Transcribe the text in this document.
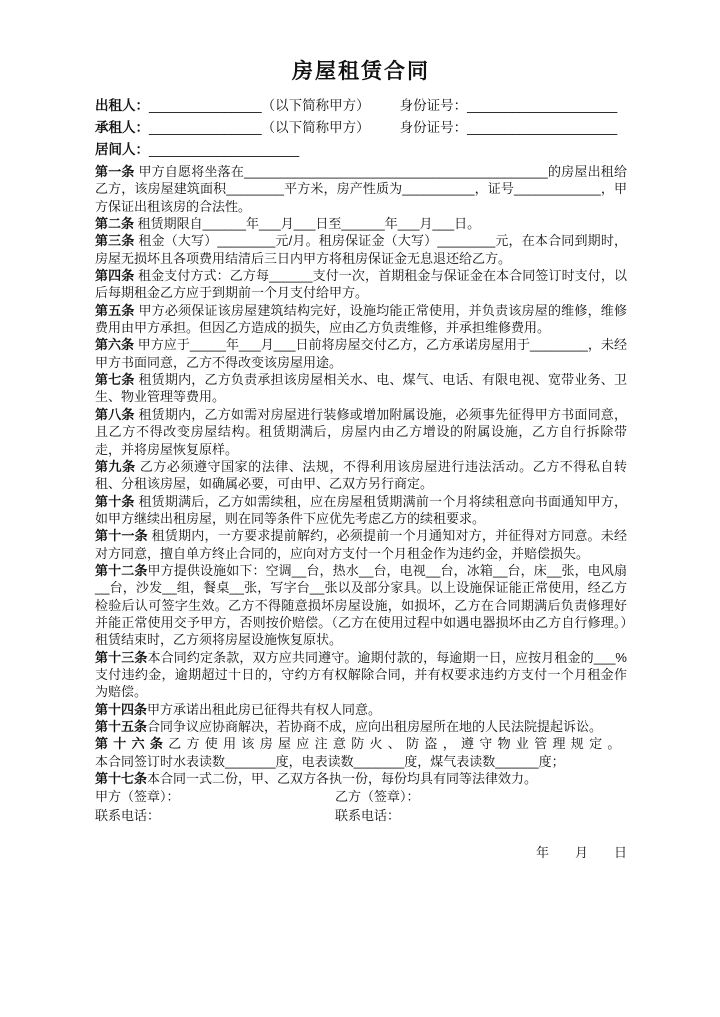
房屋租赁合同
出租人： _______________ （以下简称甲方） 身份证号： ____________________
承租人： _______________ （以下简称甲方） 身份证号： ____________________
居间人： ____________________

第一条 甲方自愿将坐落在__________________________________________的房屋出租给乙方，该房屋建筑面积________平方米，房产性质为__________，证号____________，甲方保证出租该房的合法性。

第二条 租赁期限自______年___月___日至______年___月___日。

第三条 租金（大写）________元/月。租房保证金（大写）________元，在本合同到期时，房屋无损坏且各项费用结清后三日内甲方将租房保证金无息退还给乙方。

第四条 租金支付方式：乙方每______支付一次，首期租金与保证金在本合同签订时支付，以后每期租金乙方应于到期前一个月支付给甲方。

第五条 甲方必须保证该房屋建筑结构完好，设施均能正常使用，并负责该房屋的维修，维修费用由甲方承担。但因乙方造成的损失，应由乙方负责维修，并承担维修费用。

第六条 甲方应于_____年___月___日前将房屋交付乙方，乙方承诺房屋用于________，未经甲方书面同意，乙方不得改变该房屋用途。

第七条 租赁期内，乙方负责承担该房屋相关水、电、煤气、电话、有限电视、宽带业务、卫生、物业管理等费用。

第八条 租赁期内，乙方如需对房屋进行装修或增加附属设施，必须事先征得甲方书面同意，且乙方不得改变房屋结构。租赁期满后，房屋内由乙方增设的附属设施，乙方自行拆除带走，并将房屋恢复原样。

第九条 乙方必须遵守国家的法律、法规，不得利用该房屋进行违法活动。乙方不得私自转租、分租该房屋，如确属必要，可由甲、乙双方另行商定。

第十条 租赁期满后，乙方如需续租，应在房屋租赁期满前一个月将续租意向书面通知甲方，如甲方继续出租房屋，则在同等条件下应优先考虑乙方的续租要求。

第十一条 租赁期内，一方要求提前解约，必须提前一个月通知对方，并征得对方同意。未经对方同意，擅自单方终止合同的，应向对方支付一个月租金作为违约金，并赔偿损失。

第十二条甲方提供设施如下：空调__台，热水__台，电视__台，冰箱__台，床__张，电风扇__台，沙发__组，餐桌__张，写字台__张以及部分家具。以上设施保证能正常使用，经乙方检验后认可签字生效。乙方不得随意损坏房屋设施，如损坏，乙方在合同期满后负责修理好并能正常使用交予甲方，否则按价赔偿。（乙方在使用过程中如遇电器损坏由乙方自行修理。）租赁结束时，乙方须将房屋设施恢复原状。

第十三条本合同约定条款，双方应共同遵守。逾期付款的，每逾期一日，应按月租金的___%支付违约金，逾期超过十日的，守约方有权解除合同，并有权要求违约方支付一个月租金作为赔偿。

第十四条甲方承诺出租此房已征得共有权人同意。

第十五条合同争议应协商解决，若协商不成，应向出租房屋所在地的人民法院提起诉讼。

第十六条乙方使用该房屋应注意防火、防盗，遵守物业管理规定。

本合同签订时水表读数_______度，电表读数_______度，煤气表读数______度；

第十七条本合同一式二份，甲、乙双方各执一份，每份均具有同等法律效力。

甲方（签章）：	乙方（签章）：
联系电话：	联系电话：
年　　月　　日
